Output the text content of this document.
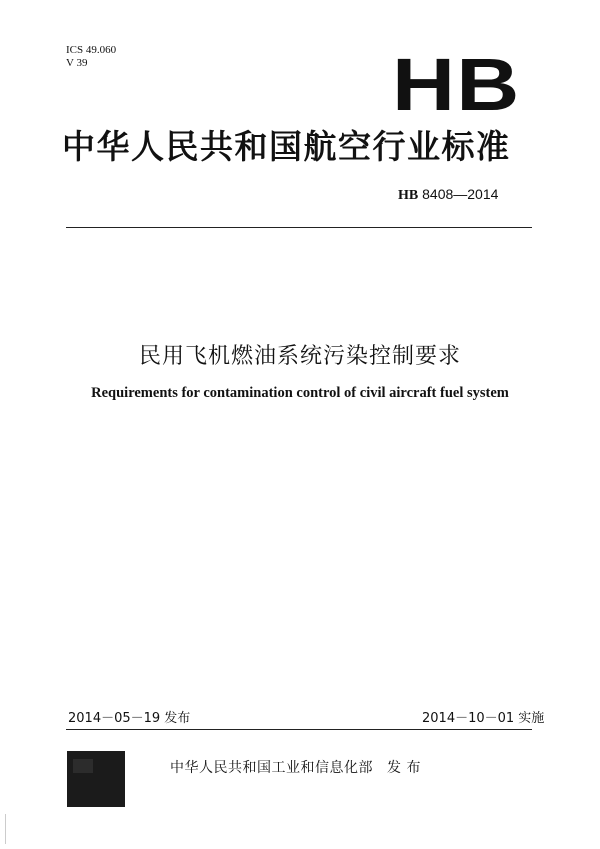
ICS 49.060
V 39	HB
中华人民共和国航空行业标准
HB 8408—2014
民用飞机燃油系统污染控制要求
Requirements for contamination control of civil aircraft fuel system
2014－05－19 发布	2014－10－01 实施
中华人民共和国工业和信息化部 发 布
